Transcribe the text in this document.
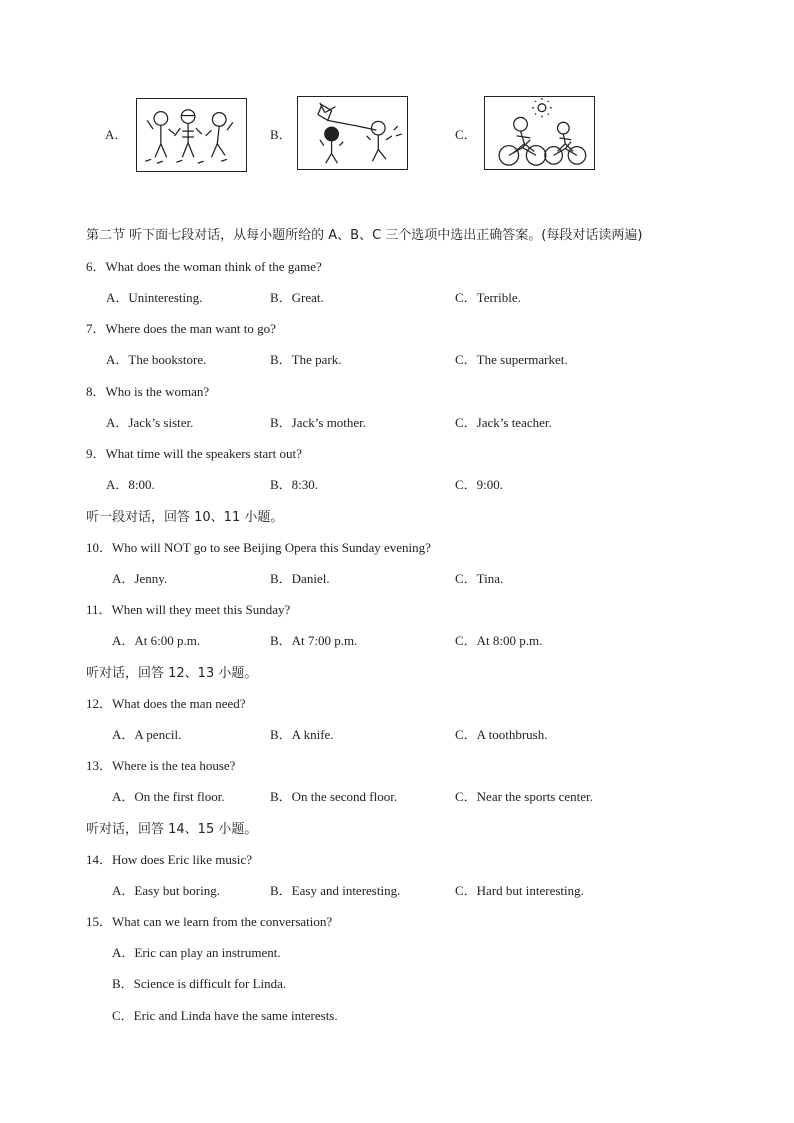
A．	B．	C．
第二节 听下面七段对话，从每小题所给的 A、B、C 三个选项中选出正确答案。(每段对话读两遍)
6．What does the woman think of the game?
A．Uninteresting.	B．Great.	C．Terrible.
7．Where does the man want to go?
A．The bookstore.	B．The park.	C．The supermarket.
8．Who is the woman?
A．Jack’s sister.	B．Jack’s mother.	C．Jack’s teacher.
9．What time will the speakers start out?
A．8:00.	B．8:30.	C．9:00.
听一段对话，回答 10、11 小题。
10．Who will NOT go to see Beijing Opera this Sunday evening?
A．Jenny.	B．Daniel.	C．Tina.
11．When will they meet this Sunday?
A．At 6:00 p.m.	B．At 7:00 p.m.	C．At 8:00 p.m.
听对话，回答 12、13 小题。
12．What does the man need?
A．A pencil.	B．A knife.	C．A toothbrush.
13．Where is the tea house?
A．On the first floor.	B．On the second floor.	C．Near the sports center.
听对话，回答 14、15 小题。
14．How does Eric like music?
A．Easy but boring.	B．Easy and interesting.	C．Hard but interesting.
15．What can we learn from the conversation?
A．Eric can play an instrument.
B．Science is difficult for Linda.
C．Eric and Linda have the same interests.
